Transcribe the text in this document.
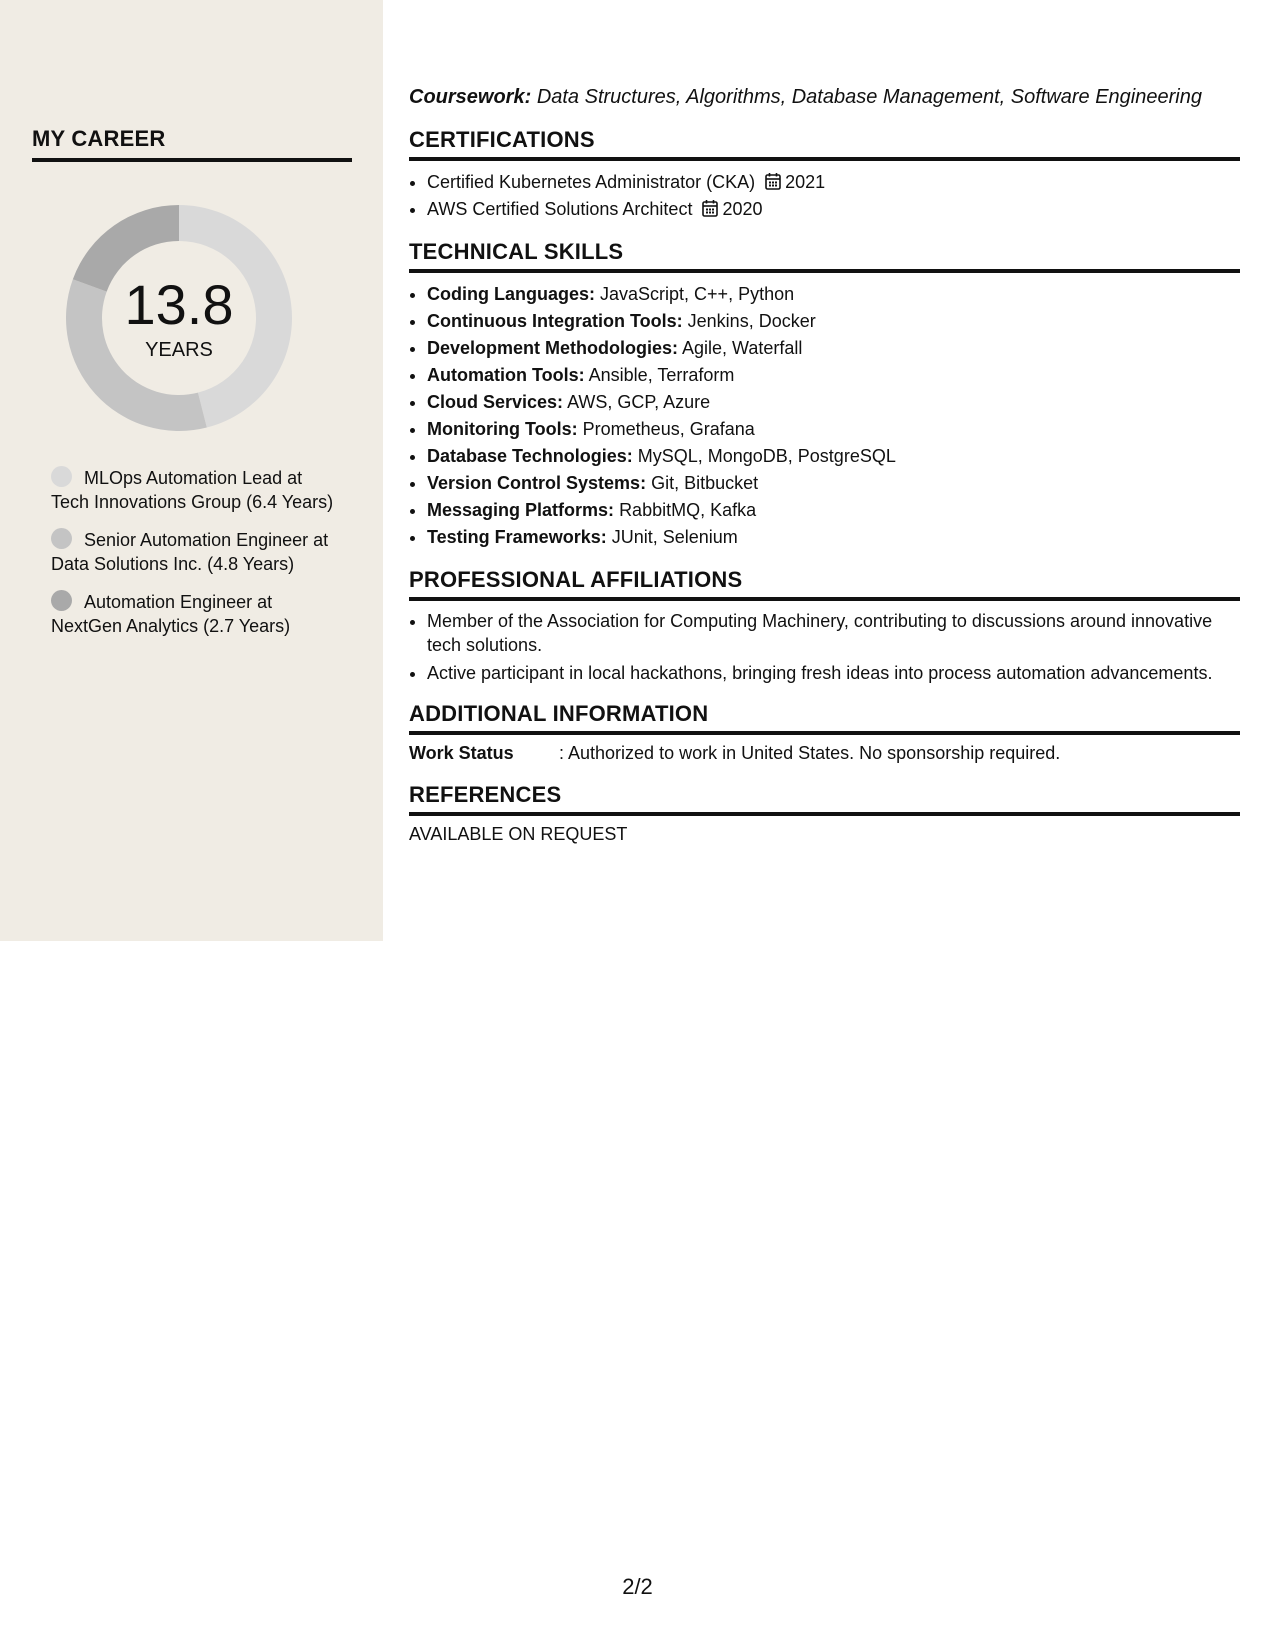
MY CAREER
13.8
YEARS
MLOps Automation Lead at Tech Innovations Group (6.4 Years)
Senior Automation Engineer at Data Solutions Inc. (4.8 Years)
Automation Engineer at NextGen Analytics (2.7 Years)

Coursework: Data Structures, Algorithms, Database Management, Software Engineering

CERTIFICATIONS
• Certified Kubernetes Administrator (CKA) 2021
• AWS Certified Solutions Architect 2020
TECHNICAL SKILLS
• Coding Languages: JavaScript, C++, Python
• Continuous Integration Tools: Jenkins, Docker
• Development Methodologies: Agile, Waterfall
• Automation Tools: Ansible, Terraform
• Cloud Services: AWS, GCP, Azure
• Monitoring Tools: Prometheus, Grafana
• Database Technologies: MySQL, MongoDB, PostgreSQL
• Version Control Systems: Git, Bitbucket
• Messaging Platforms: RabbitMQ, Kafka
• Testing Frameworks: JUnit, Selenium
PROFESSIONAL AFFILIATIONS
• Member of the Association for Computing Machinery, contributing to discussions around innovative tech solutions.
• Active participant in local hackathons, bringing fresh ideas into process automation advancements.
ADDITIONAL INFORMATION

Work Status	: Authorized to work in United States. No sponsorship required.

REFERENCES

AVAILABLE ON REQUEST

2/2
